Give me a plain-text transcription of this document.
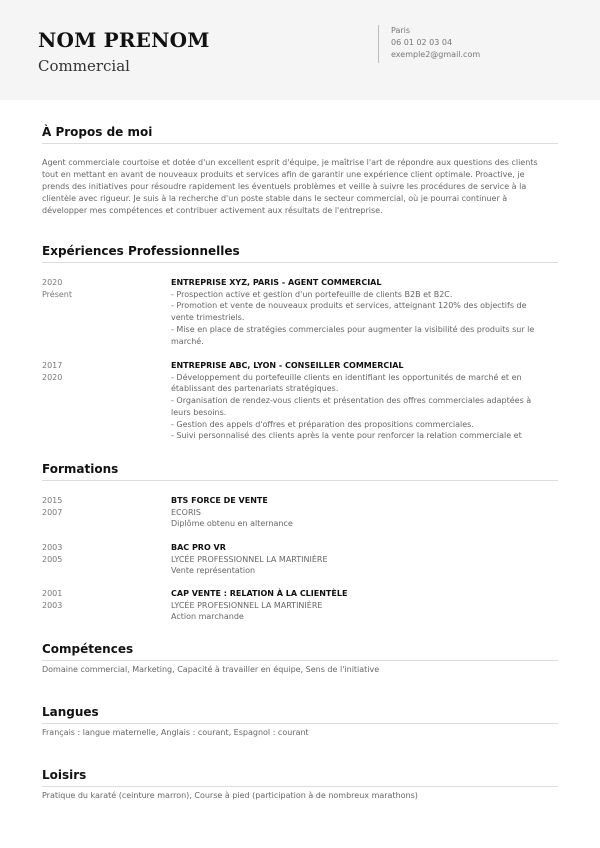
NOM PRENOM
Commercial
Paris
06 01 02 03 04
exemple2@gmail.com
À Propos de moi
Agent commerciale courtoise et dotée d'un excellent esprit d'équipe, je maîtrise l'art de répondre aux questions des clients tout en mettant en avant de nouveaux produits et services afin de garantir une expérience client optimale. Proactive, je prends des initiatives pour résoudre rapidement les éventuels problèmes et veille à suivre les procédures de service à la clientèle avec rigueur. Je suis à la recherche d'un poste stable dans le secteur commercial, où je pourrai continuer à développer mes compétences et contribuer activement aux résultats de l'entreprise.
Expériences Professionnelles
2020
Présent
ENTREPRISE XYZ, PARIS - AGENT COMMERCIAL
- Prospection active et gestion d'un portefeuille de clients B2B et B2C.
- Promotion et vente de nouveaux produits et services, atteignant 120% des objectifs de vente trimestriels.
- Mise en place de stratégies commerciales pour augmenter la visibilité des produits sur le marché.
2017
2020
ENTREPRISE ABC, LYON - CONSEILLER COMMERCIAL
- Développement du portefeuille clients en identifiant les opportunités de marché et en établissant des partenariats stratégiques.
- Organisation de rendez-vous clients et présentation des offres commerciales adaptées à leurs besoins.
- Gestion des appels d'offres et préparation des propositions commerciales.
- Suivi personnalisé des clients après la vente pour renforcer la relation commerciale et
Formations
2015
2007
BTS FORCE DE VENTE
ECORIS
Diplôme obtenu en alternance
2003
2005
BAC PRO VR
LYCÉE PROFESSIONNEL LA MARTINIÈRE
Vente représentation
2001
2003
CAP VENTE : RELATION À LA CLIENTÈLE
LYCÉE PROFESIONNEL LA MARTINIÈRE
Action marchande
Compétences
Domaine commercial, Marketing, Capacité à travailler en équipe, Sens de l'initiative
Langues
Français : langue maternelle, Anglais : courant, Espagnol : courant
Loisirs
Pratique du karaté (ceinture marron), Course à pied (participation à de nombreux marathons)
